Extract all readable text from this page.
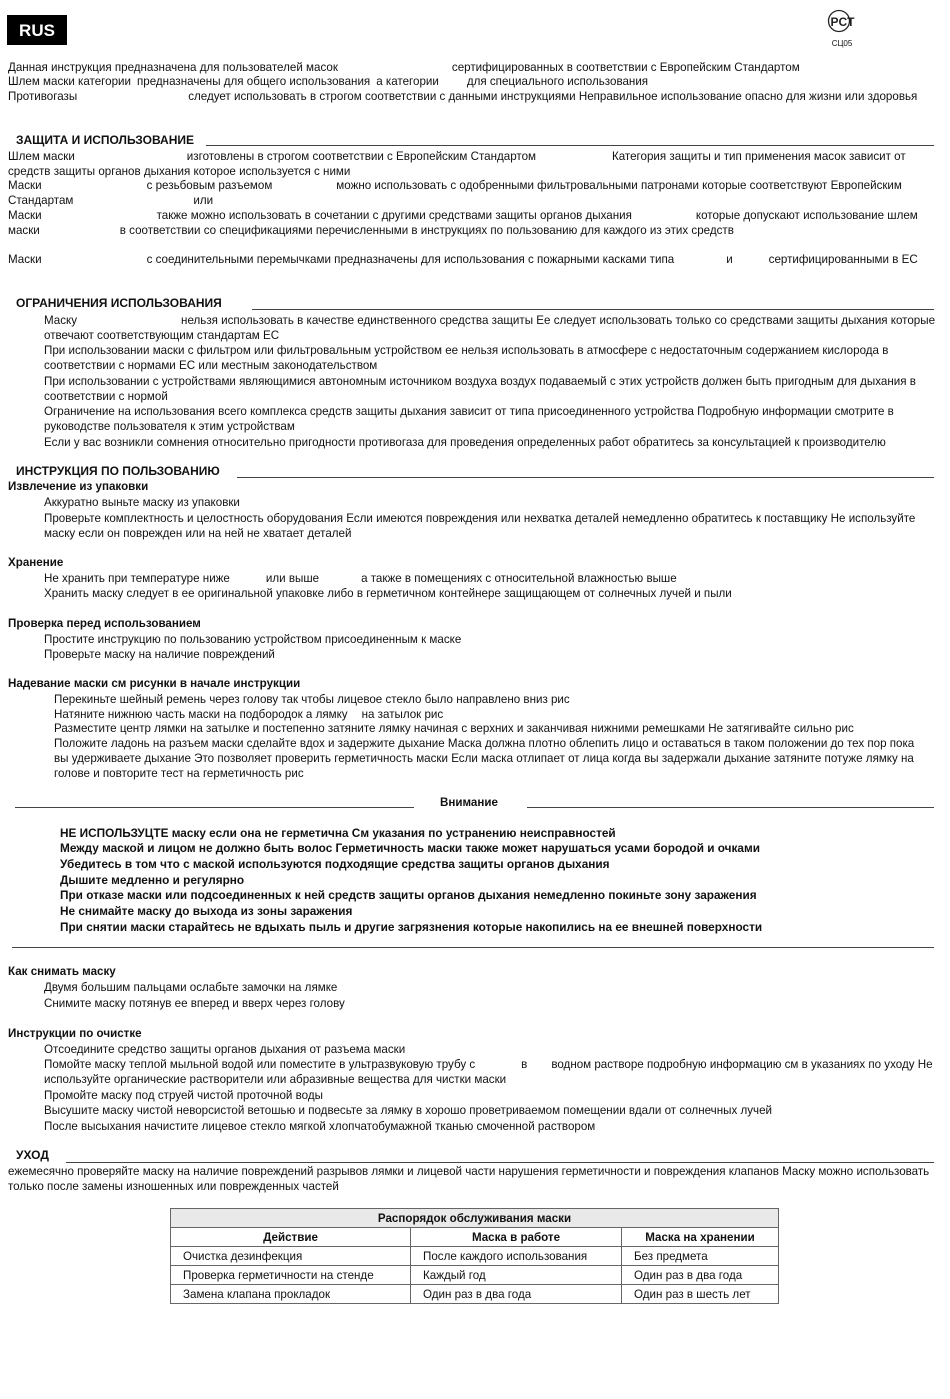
RUS	PCT
СЦ05
Данная инструкция предназначена для пользователей масок	сертифицированных в соответствии с Европейским Стандартом
Шлем маски категории предназначены для общего использования а категории для специального использования
Противогазы	следует использовать в строгом соответствии с данными инструкциями Неправильное использование опасно для жизни или здоровья
ЗАЩИТА И ИСПОЛЬЗОВАНИЕ
Шлем маски	изготовлены в строгом соответствии с Европейским Стандартом	Категория защиты и тип применения масок зависит от средств защиты органов дыхания которое используется с ними
Маски	с резьбовым разъемом	можно использовать с одобренными фильтровальными патронами которые соответствуют Европейским Стандартам	или
Маски	также можно использовать в сочетании с другими средствами защиты органов дыхания	которые допускают использование шлем маски	в соответствии со спецификациями перечисленными в инструкциях по пользованию для каждого из этих средств
Маски	с соединительными перемычками предназначены для использования с пожарными касками типа	и	сертифицированными в ЕС
ОГРАНИЧЕНИЯ ИСПОЛЬЗОВАНИЯ
Маску	нельзя использовать в качестве единственного средства защиты Ее следует использовать только со средствами защиты дыхания которые отвечают соответствующим стандартам ЕС
При использовании маски с фильтром или фильтровальным устройством ее нельзя использовать в атмосфере с недостаточным содержанием кислорода в соответствии с нормами ЕС или местным законодательством
При использовании с устройствами являющимися автономным источником воздуха воздух подаваемый с этих устройств должен быть пригодным для дыхания в соответствии с нормой
Ограничение на использования всего комплекса средств защиты дыхания зависит от типа присоединенного устройства Подробную информации смотрите в руководстве пользователя к этим устройствам
Если у вас возникли сомнения относительно пригодности противогаза для проведения определенных работ обратитесь за консультацией к производителю
ИНСТРУКЦИЯ ПО ПОЛЬЗОВАНИЮ
Извлечение из упаковки
Аккуратно выньте маску из упаковки
Проверьте комплектность и целостность оборудования Если имеются повреждения или нехватка деталей немедленно обратитесь к поставщику Не используйте маску если он поврежден или на ней не хватает деталей
Хранение
Не хранить при температуре ниже	или выше	а также в помещениях с относительной влажностью выше
Хранить маску следует в ее оригинальной упаковке либо в герметичном контейнере защищающем от солнечных лучей и пыли
Проверка перед использованием
Простите инструкцию по пользованию устройством присоединенным к маске
Проверьте маску на наличие повреждений
Надевание маски см рисунки в начале инструкции
Перекиньте шейный ремень через голову так чтобы лицевое стекло было направлено вниз рис
Натяните нижнюю часть маски на подбородок а лямку на затылок рис
Разместите центр лямки на затылке и постепенно затяните лямку начиная с верхних и заканчивая нижними ремешками Не затягивайте сильно рис
Положите ладонь на разъем маски сделайте вдох и задержите дыхание Маска должна плотно облепить лицо и оставаться в таком положении до тех пор пока вы удерживаете дыхание Это позволяет проверить герметичность маски Если маска отлипает от лица когда вы задержали дыхание затяните потуже лямку на голове и повторите тест на герметичность рис
Внимание
НЕ ИСПОЛЬЗУЦТЕ маску если она не герметична См указания по устранению неисправностей
Между маской и лицом не должно быть волос Герметичность маски также может нарушаться усами бородой и очками
Убедитесь в том что с маской используются подходящие средства защиты органов дыхания
Дышите медленно и регулярно
При отказе маски или подсоединенных к ней средств защиты органов дыхания немедленно покиньте зону заражения
Не снимайте маску до выхода из зоны заражения
При снятии маски старайтесь не вдыхать пыль и другие загрязнения которые накопились на ее внешней поверхности
Как снимать маску
Двумя большим пальцами ослабьте замочки на лямке
Снимите маску потянув ее вперед и вверх через голову
Инструкции по очистке
Отсоедините средство защиты органов дыхания от разъема маски
Помойте маску теплой мыльной водой или поместите в ультразвуковую трубу с	в водном растворе подробную информацию см в указаниях по уходу Не используйте органические растворители или абразивные вещества для чистки маски
Промойте маску под струей чистой проточной воды
Высушите маску чистой неворсистой ветошью и подвесьте за лямку в хорошо проветриваемом помещении вдали от солнечных лучей
После высыхания начистите лицевое стекло мягкой хлопчатобумажной тканью смоченной раствором
УХОД
ежемесячно проверяйте маску на наличие повреждений разрывов лямки и лицевой части нарушения герметичности и повреждения клапанов Маску можно использовать только после замены изношенных или поврежденных частей
Распорядок обслуживания маски		
Действие	Маска в работе	Маска на хранении
Очистка дезинфекция	После каждого использования	Без предмета
Проверка герметичности на стенде	Каждый год	Один раз в два года
Замена клапана прокладок	Один раз в два года	Один раз в шесть лет
